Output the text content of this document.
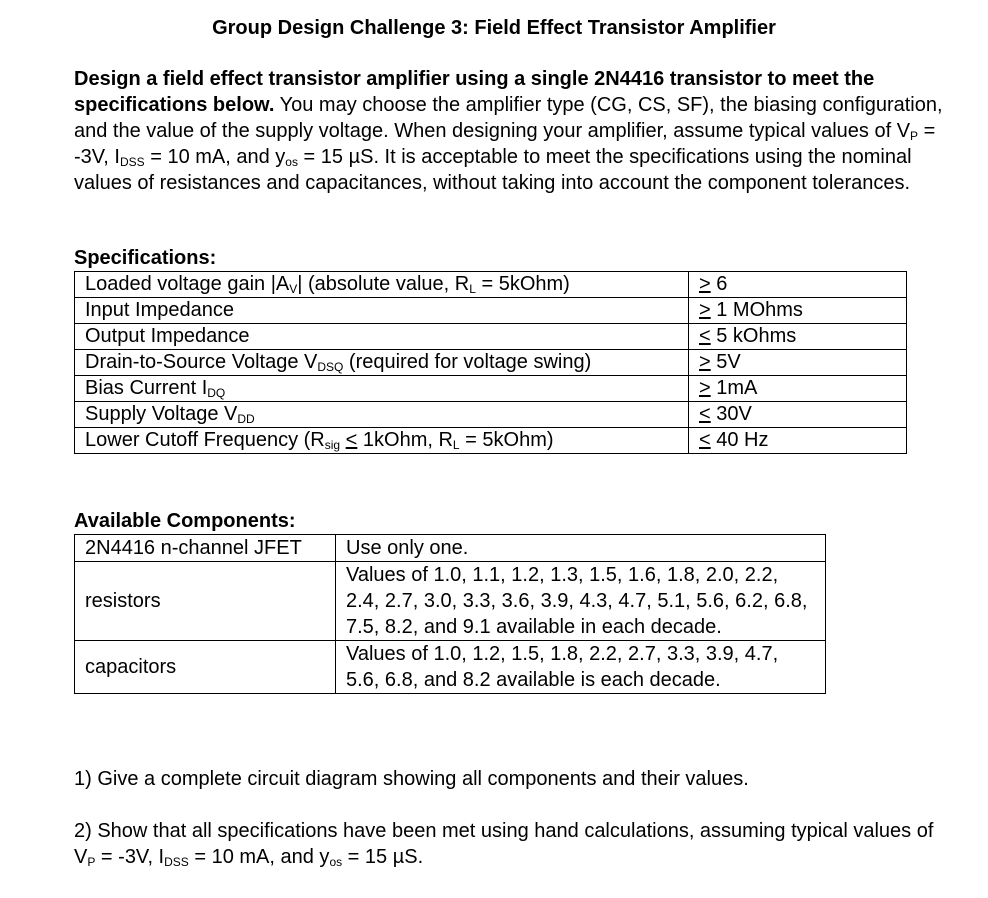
Group Design Challenge 3: Field Effect Transistor Amplifier
Design a field effect transistor amplifier using a single 2N4416 transistor to meet the specifications below. You may choose the amplifier type (CG, CS, SF), the biasing configuration, and the value of the supply voltage. When designing your amplifier, assume typical values of $V_P = -3V$, $I_{DSS} = 10$ mA, and $y_{os} = 15$ µS. It is acceptable to meet the specifications using the nominal values of resistances and capacitances, without taking into account the component tolerances.
Specifications:
Loaded voltage gain $|A_V|$ (absolute value, $R_L$ = 5kOhm)	> 6
Input Impedance	> 1 MOhms
Output Impedance	< 5 kOhms
Drain-to-Source Voltage $V_{DSQ}$ (required for voltage swing)	> 5V
Bias Current $I_{DQ}$	> 1mA
Supply Voltage $V_{DD}$	< 30V
Lower Cutoff Frequency ($R_{sig}$ < 1kOhm, $R_L$ = 5kOhm)	< 40 Hz
Available Components:
2N4416 n-channel JFET	Use only one.
resistors	Values of 1.0, 1.1, 1.2, 1.3, 1.5, 1.6, 1.8, 2.0, 2.2, 2.4, 2.7, 3.0, 3.3, 3.6, 3.9, 4.3, 4.7, 5.1, 5.6, 6.2, 6.8, 7.5, 8.2, and 9.1 available in each decade.
capacitors	Values of 1.0, 1.2, 1.5, 1.8, 2.2, 2.7, 3.3, 3.9, 4.7, 5.6, 6.8, and 8.2 available is each decade.
1) Give a complete circuit diagram showing all components and their values.
2) Show that all specifications have been met using hand calculations, assuming typical values of $V_P = -3V$, $I_{DSS} = 10$ mA, and $y_{os} = 15$ µS.
